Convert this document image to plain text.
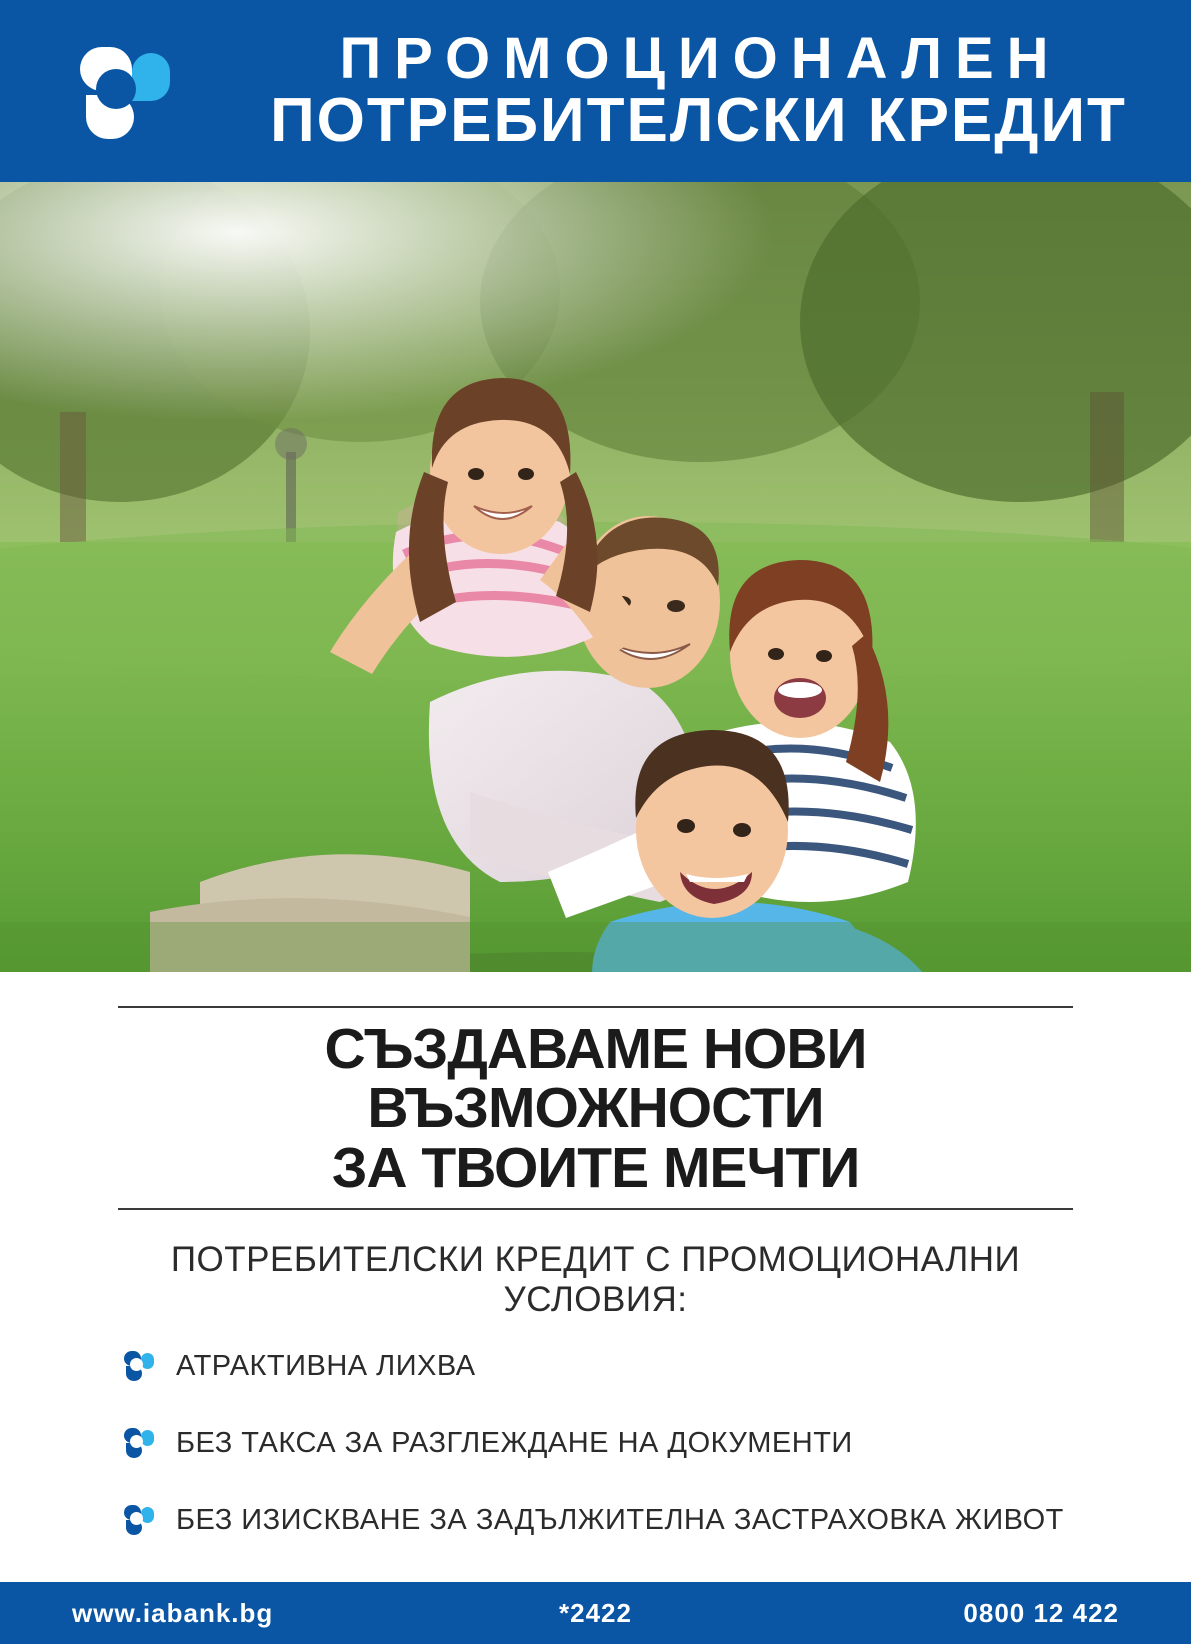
ПРОМОЦИОНАЛЕН
ПОТРЕБИТЕЛСКИ КРЕДИТ
СЪЗДАВАМЕ НОВИ ВЪЗМОЖНОСТИ
ЗА ТВОИТЕ МЕЧТИ
ПОТРЕБИТЕЛСКИ КРЕДИТ С ПРОМОЦИОНАЛНИ УСЛОВИЯ:
АТРАКТИВНА ЛИХВА
БЕЗ ТАКСА ЗА РАЗГЛЕЖДАНЕ НА ДОКУМЕНТИ
БЕЗ ИЗИСКВАНЕ ЗА ЗАДЪЛЖИТЕЛНА ЗАСТРАХОВКА ЖИВОТ
www.iabank.bg	*2422	0800 12 422
